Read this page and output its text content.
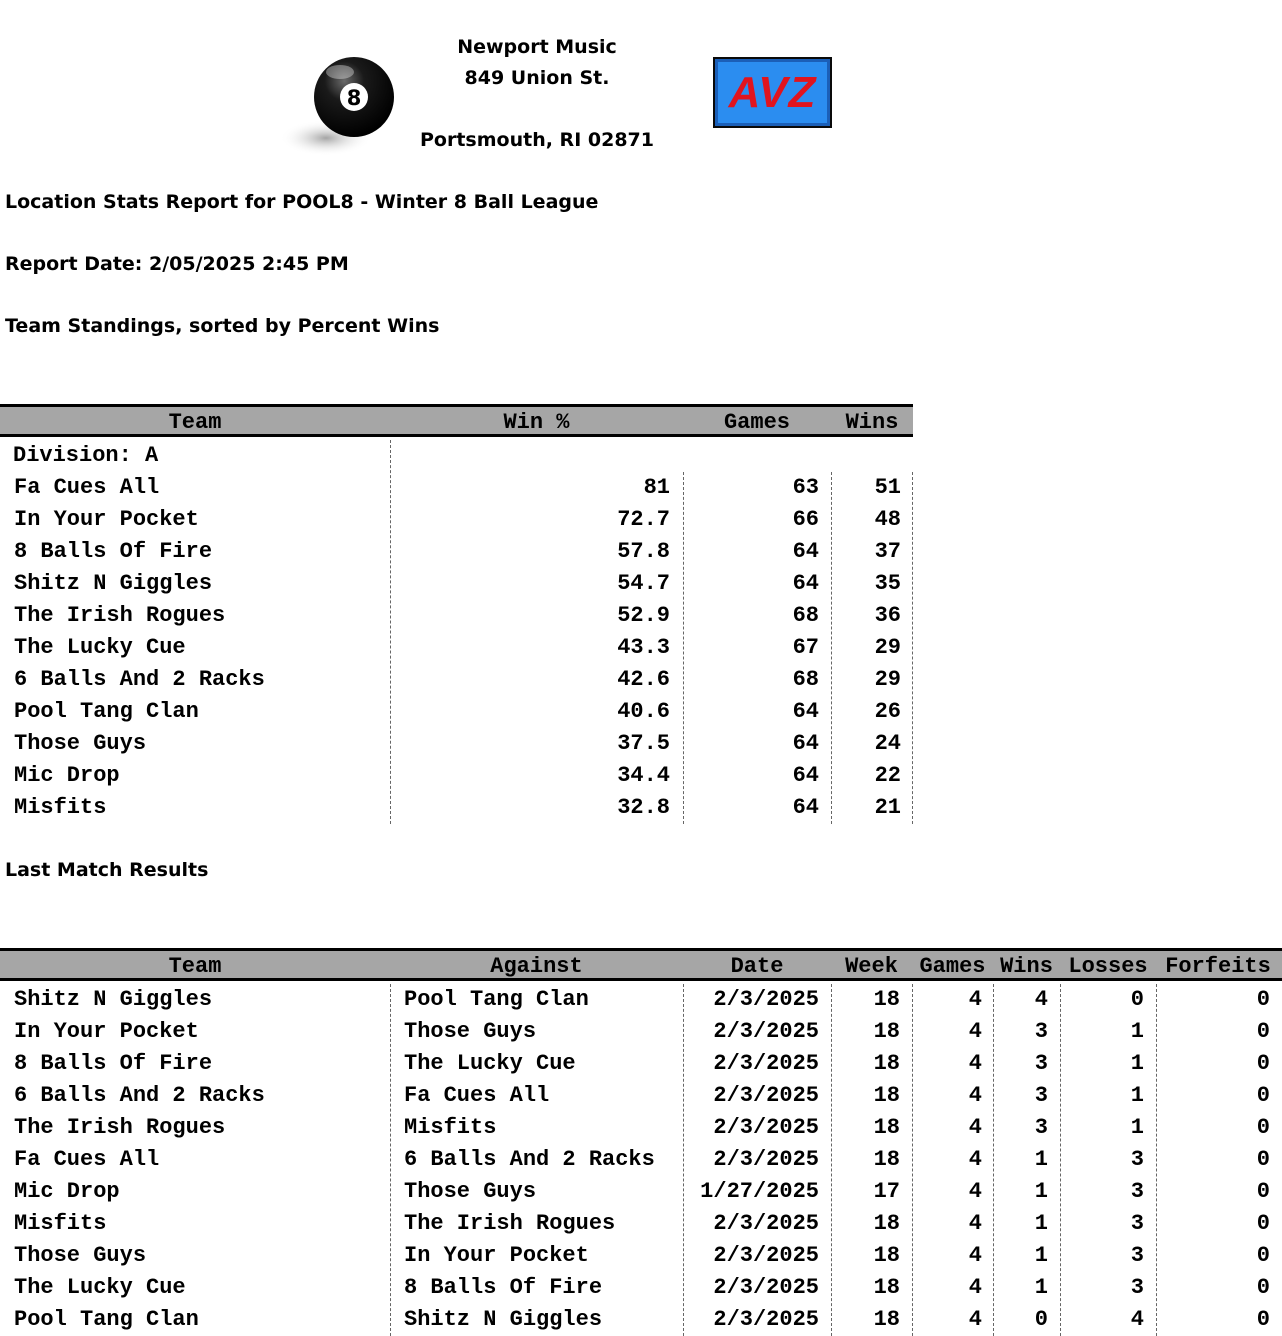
8
Newport Music
849 Union St.
Portsmouth, RI 02871
AVZ
Location Stats Report for POOL8 - Winter 8 Ball League
Report Date: 2/05/2025 2:45 PM
Team Standings, sorted by Percent Wins
Team	Win %	Games	Wins
Division: A
Fa Cues All	81	63	51
In Your Pocket	72.7	66	48
8 Balls Of Fire	57.8	64	37
Shitz N Giggles	54.7	64	35
The Irish Rogues	52.9	68	36
The Lucky Cue	43.3	67	29
6 Balls And 2 Racks	42.6	68	29
Pool Tang Clan	40.6	64	26
Those Guys	37.5	64	24
Mic Drop	34.4	64	22
Misfits	32.8	64	21
Last Match Results
Team	Against	Date	Week Games Wins Losses Forfeits
Shitz N Giggles	Pool Tang Clan	2/3/2025	18	4	4	0	0
In Your Pocket	Those Guys	2/3/2025	18	4	3	1	0
8 Balls Of Fire	The Lucky Cue	2/3/2025	18	4	3	1	0
6 Balls And 2 Racks	Fa Cues All	2/3/2025	18	4	3	1	0
The Irish Rogues	Misfits	2/3/2025	18	4	3	1	0
Fa Cues All	6 Balls And 2 Racks	2/3/2025	18	4	1	3	0
Mic Drop	Those Guys	1/27/2025	17	4	1	3	0
Misfits	The Irish Rogues	2/3/2025	18	4	1	3	0
Those Guys	In Your Pocket	2/3/2025	18	4	1	3	0
The Lucky Cue	8 Balls Of Fire	2/3/2025	18	4	1	3	0
Pool Tang Clan	Shitz N Giggles	2/3/2025	18	4	0	4	0
